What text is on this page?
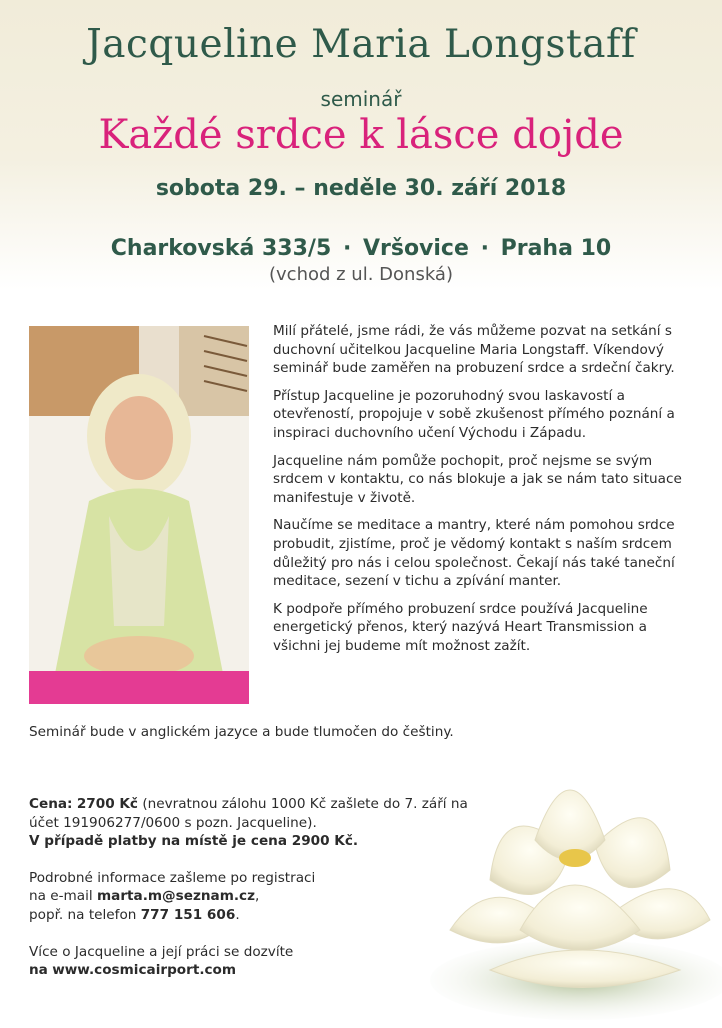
Jacqueline Maria Longstaff
seminář
Každé srdce k lásce dojde
sobota 29. – neděle 30. září 2018
Charkovská 333/5 · Vršovice · Praha 10
(vchod z ul. Donská)

Milí přátelé, jsme rádi, že vás můžeme pozvat na setkání s duchovní učitelkou Jacqueline Maria Longstaff. Víkendový seminář bude zaměřen na probuzení srdce a srdeční čakry.

Přístup Jacqueline je pozoruhodný svou laskavostí a otevřeností, propojuje v sobě zkušenost přímého poznání a inspiraci duchovního učení Východu i Západu.

Jacqueline nám pomůže pochopit, proč nejsme se svým srdcem v kontaktu, co nás blokuje a jak se nám tato situace manifestuje v životě.

Naučíme se meditace a mantry, které nám pomohou srdce probudit, zjistíme, proč je vědomý kontakt s naším srdcem důležitý pro nás i celou společnost. Čekají nás také taneční meditace, sezení v tichu a zpívání manter.

K podpoře přímého probuzení srdce používá Jacqueline energetický přenos, který nazývá Heart Transmission a všichni jej budeme mít možnost zažít.

Seminář bude v anglickém jazyce a bude tlumočen do češtiny.

Cena: 2700 Kč (nevratnou zálohu 1000 Kč zašlete do 7. září na účet 191906277/0600 s pozn. Jacqueline).
V případě platby na místě je cena 2900 Kč.

Podrobné informace zašleme po registraci
na e-mail marta.m@seznam.cz,
popř. na telefon 777 151 606.

Více o Jacqueline a její práci se dozvíte
na www.cosmicairport.com
